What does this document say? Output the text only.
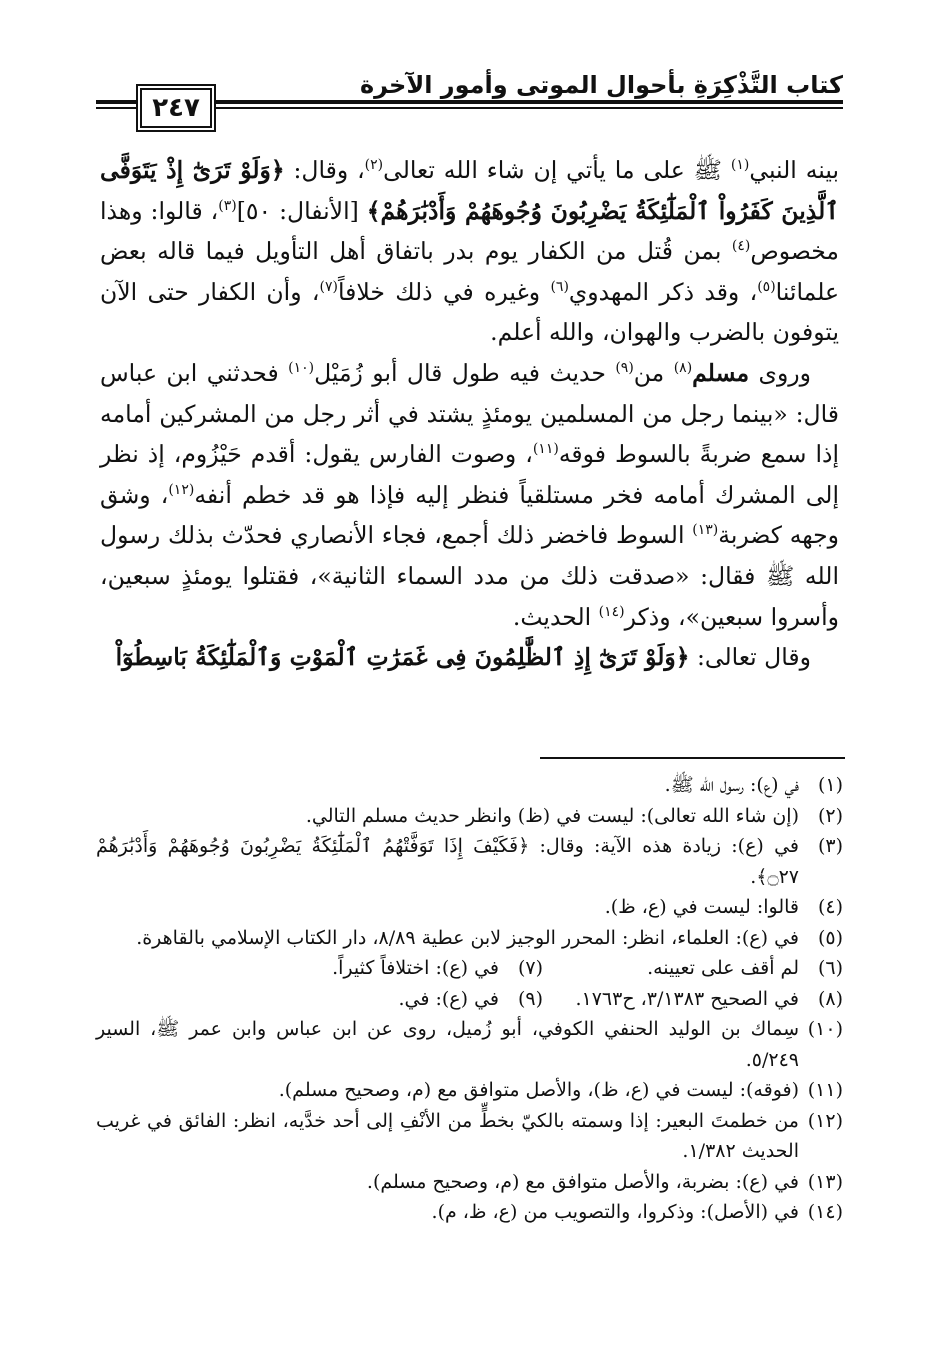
كتاب التَّذْكِرَةِ بأحوال الموتى وأمور الآخرة
٢٤٧

بينه النبي$^{(١)}$ ﷺ على ما يأتي إن شاء الله تعالى$^{(٢)}$، وقال: ﴿وَلَوْ تَرَىٰٓ إِذْ يَتَوَفَّى ٱلَّذِينَ كَفَرُواْ ٱلْمَلَٰٓئِكَةُ يَضْرِبُونَ وُجُوهَهُمْ وَأَدْبَٰرَهُمْ﴾ [الأنفال: ٥٠]$^{(٣)}$، قالوا: وهذا مخصوص$^{(٤)}$ بمن قُتل من الكفار يوم بدر باتفاق أهل التأويل فيما قاله بعض علمائنا$^{(٥)}$، وقد ذكر المهدوي$^{(٦)}$ وغيره في ذلك خلافاً$^{(٧)}$، وأن الكفار حتى الآن يتوفون بالضرب والهوان، والله أعلم.

وروى مسلم$^{(٨)}$ من$^{(٩)}$ حديث فيه طول قال أبو زُمَيْل$^{(١٠)}$ فحدثني ابن عباس قال: «بينما رجل من المسلمين يومئذٍ يشتد في أثر رجل من المشركين أمامه إذا سمع ضربةً بالسوط فوقه$^{(١١)}$، وصوت الفارس يقول: أقدم حَيْزُوم، إذ نظر إلى المشرك أمامه فخر مستلقياً فنظر إليه فإذا هو قد خطم أنفه$^{(١٢)}$، وشق وجهه كضربة$^{(١٣)}$ السوط فاخضر ذلك أجمع، فجاء الأنصاري فحدّث بذلك رسول الله ﷺ فقال: «صدقت ذلك من مدد السماء الثانية»، فقتلوا يومئذٍ سبعين، وأسروا سبعين»، وذكر$^{(١٤)}$ الحديث.

وقال تعالى: ﴿وَلَوْ تَرَىٰٓ إِذِ ٱلظَّٰلِمُونَ فِى غَمَرَٰتِ ٱلْمَوْتِ وَٱلْمَلَٰٓئِكَةُ بَاسِطُوٓاْ

(١)
في (ع): رسول الله ﷺ.
(٢)
(إن شاء الله تعالى): ليست في (ظ) وانظر حديث مسلم التالي.
(٣)
في (ع): زيادة هذه الآية: وقال: ﴿فَكَيْفَ إِذَا تَوَفَّتْهُمُ ٱلْمَلَٰٓئِكَةُ يَضْرِبُونَ وُجُوهَهُمْ وَأَدْبَٰرَهُمْ ۝٢٧﴾.
(٤)
قالوا: ليست في (ع، ظ).
(٥)
في (ع): العلماء، انظر: المحرر الوجيز لابن عطية ٨/٨٩، دار الكتاب الإسلامي بالقاهرة.
(٦)
لم أقف على تعيينه.
(٧)
في (ع): اختلافاً كثيراً.
(٨)
في الصحيح ٣/١٣٨٣، ح١٧٦٣.
(٩)
في (ع): في.
(١٠)
سِماك بن الوليد الحنفي الكوفي، أبو زُميل، روى عن ابن عباس وابن عمر ﷺ، السير ٥/٢٤٩.
(١١)
(فوقه): ليست في (ع، ظ)، والأصل متوافق مع (م، وصحيح مسلم).
(١٢)
من خطمتَ البعير: إذا وسمته بالكيّ بخطٍّ من الأنْفِ إلى أحد خدَّيه، انظر: الفائق في غريب الحديث ١/٣٨٢.
(١٣)
في (ع): بضربة، والأصل متوافق مع (م، وصحيح مسلم).
(١٤)
في (الأصل): وذكروا، والتصويب من (ع، ظ، م).
